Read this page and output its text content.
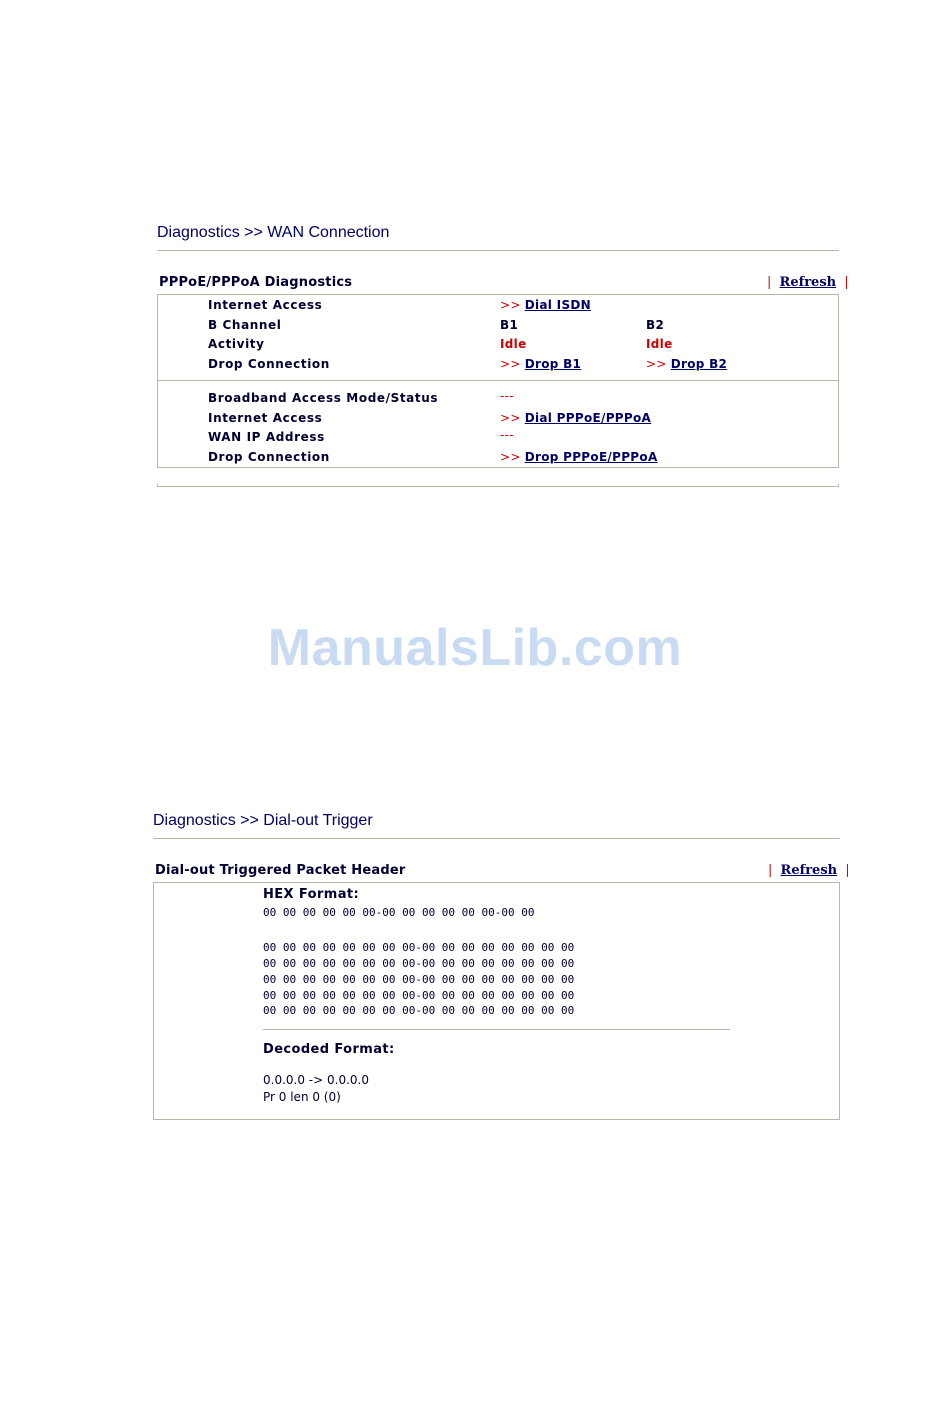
Diagnostics >> WAN Connection
PPPoE/PPPoA Diagnostics	| Refresh |
Internet Access	>> Dial ISDN
B Channel	B1	B2
Activity	Idle	Idle
Drop Connection	>> Drop B1	>> Drop B2
Broadband Access Mode/Status	---
Internet Access	>> Dial PPPoE/PPPoA
WAN IP Address	---
Drop Connection	>> Drop PPPoE/PPPoA
ManualsLib.com
Diagnostics >> Dial-out Trigger
Dial-out Triggered Packet Header	| Refresh |
HEX Format:
00 00 00 00 00 00-00 00 00 00 00 00-00 00
00 00 00 00 00 00 00 00-00 00 00 00 00 00 00 00
00 00 00 00 00 00 00 00-00 00 00 00 00 00 00 00
00 00 00 00 00 00 00 00-00 00 00 00 00 00 00 00
00 00 00 00 00 00 00 00-00 00 00 00 00 00 00 00
00 00 00 00 00 00 00 00-00 00 00 00 00 00 00 00
Decoded Format:
0.0.0.0 -> 0.0.0.0
Pr 0 len 0 (0)
